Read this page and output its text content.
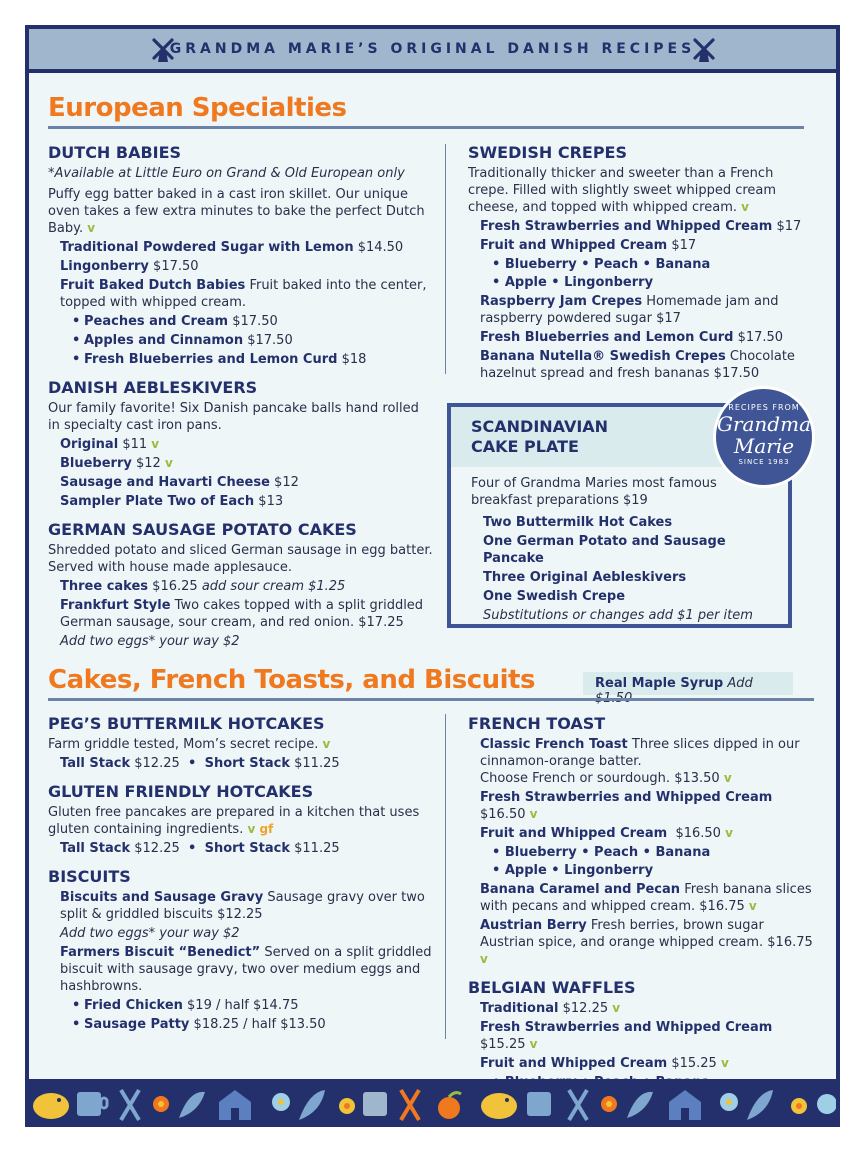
GRANDMA MARIE’S ORIGINAL DANISH RECIPES
European Specialties
DUTCH BABIES
*Available at Little Euro on Grand & Old European only
Puffy egg batter baked in a cast iron skillet. Our unique oven takes a few extra minutes to bake the perfect Dutch Baby. v
Traditional Powdered Sugar with Lemon $14.50
Lingonberry $17.50
Fruit Baked Dutch Babies Fruit baked into the center, topped with whipped cream.
• Peaches and Cream $17.50
• Apples and Cinnamon $17.50
• Fresh Blueberries and Lemon Curd $18
DANISH AEBLESKIVERS
Our family favorite! Six Danish pancake balls hand rolled in specialty cast iron pans.
Original $11 v
Blueberry $12 v
Sausage and Havarti Cheese $12
Sampler Plate Two of Each $13
GERMAN SAUSAGE POTATO CAKES
Shredded potato and sliced German sausage in egg batter. Served with house made applesauce.
Three cakes $16.25 add sour cream $1.25
Frankfurt Style Two cakes topped with a split griddled German sausage, sour cream, and red onion. $17.25
Add two eggs* your way $2
SWEDISH CREPES
Traditionally thicker and sweeter than a French crepe. Filled with slightly sweet whipped cream cheese, and topped with whipped cream. v
Fresh Strawberries and Whipped Cream $17
Fruit and Whipped Cream $17
• Blueberry • Peach • Banana
• Apple • Lingonberry
Raspberry Jam Crepes Homemade jam and raspberry powdered sugar $17
Fresh Blueberries and Lemon Curd $17.50
Banana Nutella® Swedish Crepes Chocolate hazelnut spread and fresh bananas $17.50
SCANDINAVIAN
CAKE PLATE
Four of Grandma Maries most famous breakfast preparations $19
Two Buttermilk Hot Cakes
One German Potato and Sausage Pancake
Three Original Aebleskivers
One Swedish Crepe
Substitutions or changes add $1 per item
RECIPES FROM
Grandma
Marie
SINCE 1983
Cakes, French Toasts, and Biscuits	Real Maple Syrup Add
PEG’S BUTTERMILK HOTCAKES
Farm griddle tested, Mom’s secret recipe. v
Tall Stack $12.25 • Short Stack $11.25
GLUTEN FRIENDLY HOTCAKES
Gluten free pancakes are prepared in a kitchen that uses gluten containing ingredients. v gf
Tall Stack $12.25 • Short Stack $11.25
BISCUITS
Biscuits and Sausage Gravy Sausage gravy over two split & griddled biscuits $12.25
Add two eggs* your way $2
Farmers Biscuit “Benedict” Served on a split griddled biscuit with sausage gravy, two over medium eggs and hashbrowns.
• Fried Chicken $19 / half $14.75
• Sausage Patty $18.25 / half $13.50
FRENCH TOAST
Classic French Toast Three slices dipped in our cinnamon-orange batter.
Choose French or sourdough. $13.50 v
Fresh Strawberries and Whipped Cream $16.50 v
Fruit and Whipped Cream $16.50 v
• Blueberry • Peach • Banana
• Apple • Lingonberry
Banana Caramel and Pecan Fresh banana slices with pecans and whipped cream. $16.75 v
Austrian Berry Fresh berries, brown sugar Austrian spice, and orange whipped cream. $16.75 v
BELGIAN WAFFLES
Traditional $12.25 v
Fresh Strawberries and Whipped Cream $15.25 v
Fruit and Whipped Cream $15.25 v
